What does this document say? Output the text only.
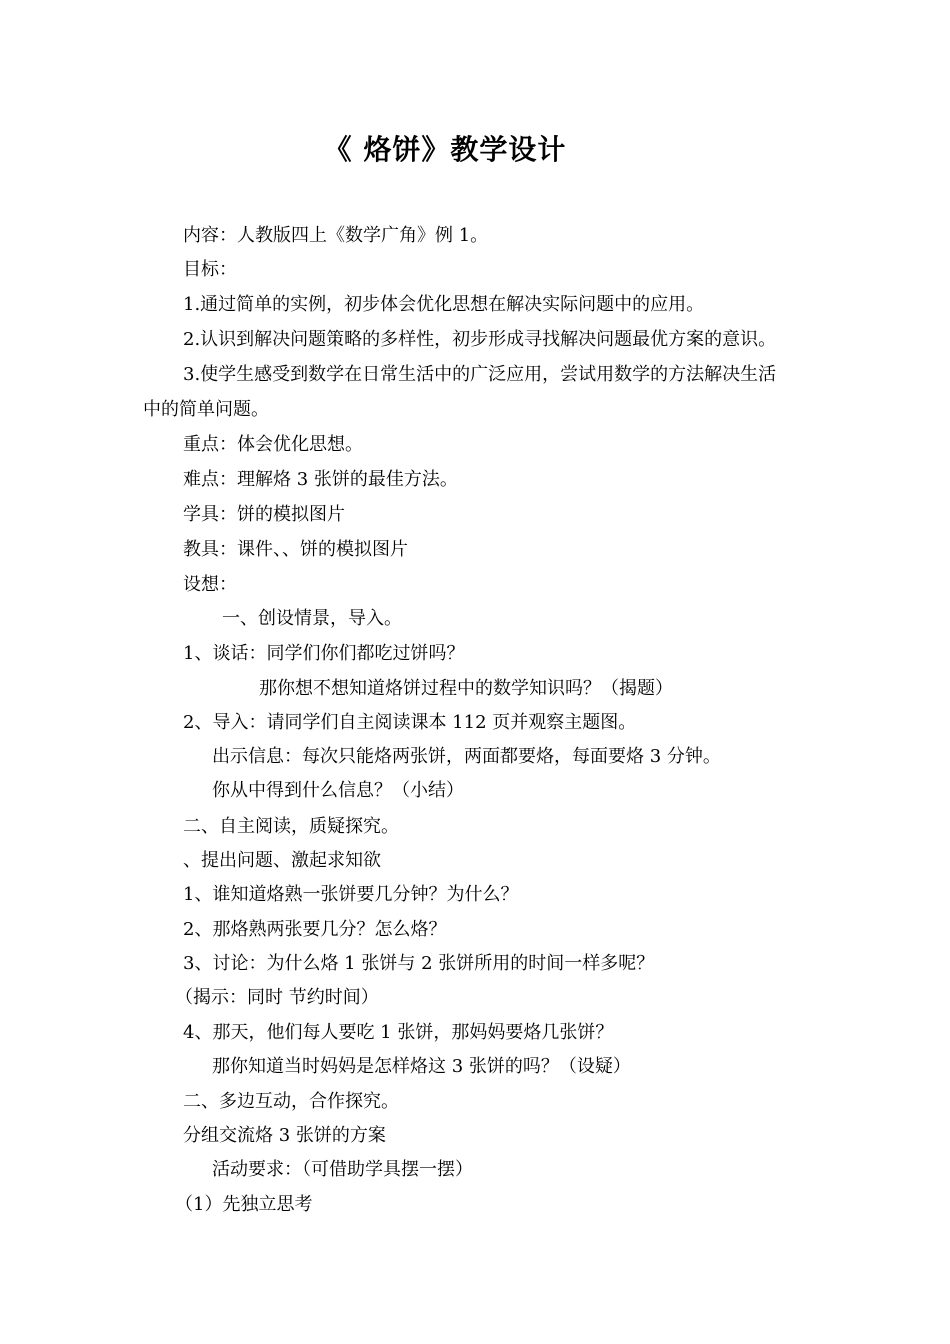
《 烙饼》教学设计
内容：人教版四上《数学广角》例 1。
目标：
1.通过简单的实例，初步体会优化思想在解决实际问题中的应用。
2.认识到解决问题策略的多样性，初步形成寻找解决问题最优方案的意识。
3.使学生感受到数学在日常生活中的广泛应用，尝试用数学的方法解决生活
中的简单问题。
重点：体会优化思想。
难点：理解烙 3 张饼的最佳方法。
学具：饼的模拟图片
教具：课件、、饼的模拟图片
设想：
一、创设情景，导入。
1、谈话：同学们你们都吃过饼吗？
那你想不想知道烙饼过程中的数学知识吗？（揭题）
2、导入：请同学们自主阅读课本 112 页并观察主题图。
出示信息：每次只能烙两张饼，两面都要烙，每面要烙 3 分钟。
你从中得到什么信息？（小结）
二、自主阅读，质疑探究。
、提出问题、激起求知欲
1、谁知道烙熟一张饼要几分钟？为什么？
2、那烙熟两张要几分？怎么烙？
3、讨论：为什么烙 1 张饼与 2 张饼所用的时间一样多呢？
（揭示：同时 节约时间）
4、那天，他们每人要吃 1 张饼，那妈妈要烙几张饼？
那你知道当时妈妈是怎样烙这 3 张饼的吗？（设疑）
二、多边互动，合作探究。
分组交流烙 3 张饼的方案
活动要求：（可借助学具摆一摆）
（1）先独立思考
